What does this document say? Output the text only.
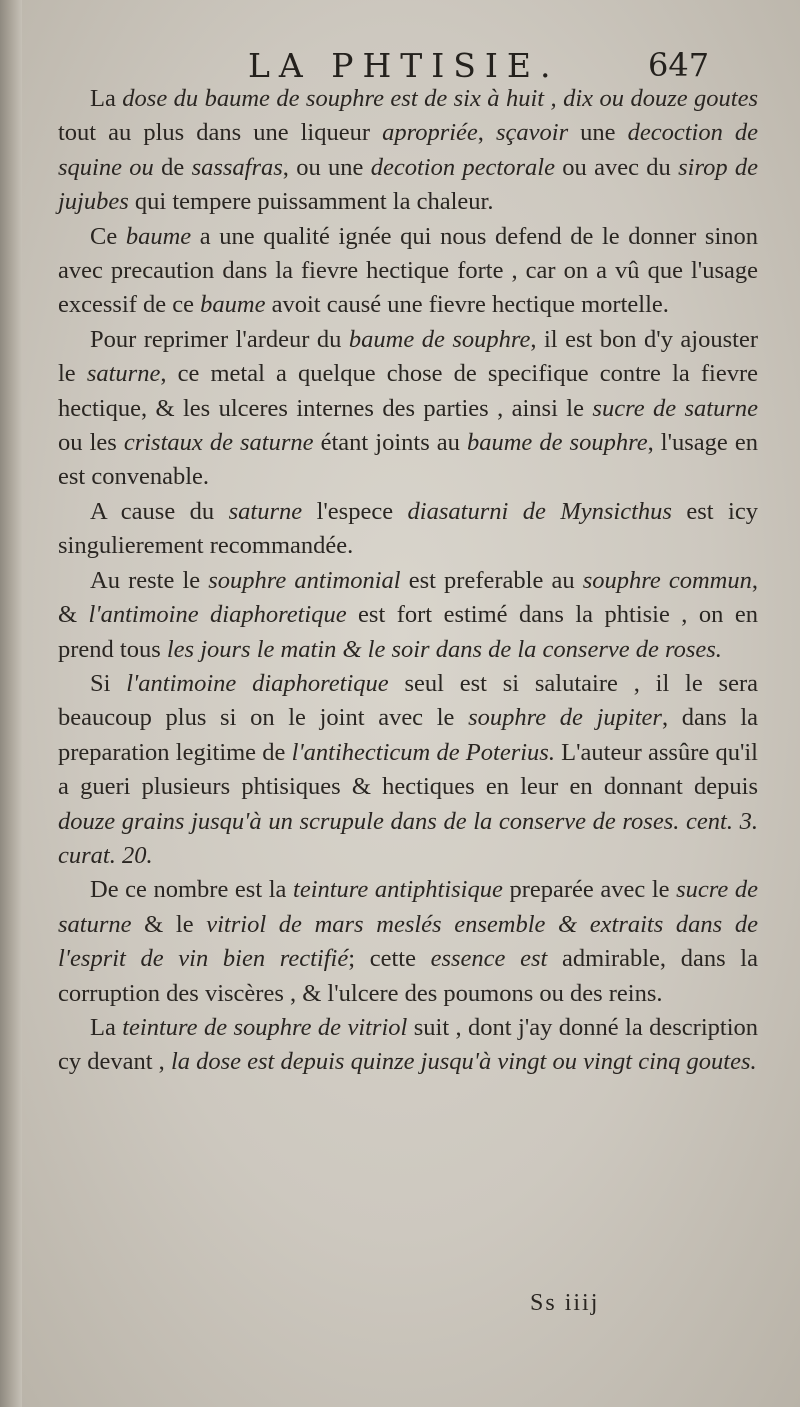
LA PHTISIE.	647

La dose du baume de souphre est de six à huit , dix ou douze goutes tout au plus dans une liqueur apropriée, sçavoir une decoction de squine ou de sassafras, ou une decotion pectorale ou avec du sirop de jujubes qui tempere puissamment la chaleur.

Ce baume a une qualité ignée qui nous defend de le donner sinon avec precaution dans la fievre hectique forte , car on a vû que l'usage excessif de ce baume avoit causé une fievre hectique mortelle.

Pour reprimer l'ardeur du baume de souphre, il est bon d'y ajouster le saturne, ce metal a quelque chose de specifique contre la fievre hectique, & les ulceres internes des parties , ainsi le sucre de saturne ou les cristaux de saturne étant joints au baume de souphre, l'usage en est convenable.

A cause du saturne l'espece diasaturni de Mynsicthus est icy singulierement recommandée.

Au reste le souphre antimonial est preferable au souphre commun, & l'antimoine diaphoretique est fort estimé dans la phtisie , on en prend tous les jours le matin & le soir dans de la conserve de roses.

Si l'antimoine diaphoretique seul est si salutaire , il le sera beaucoup plus si on le joint avec le souphre de jupiter, dans la preparation legitime de l'antihecticum de Poterius. L'auteur assûre qu'il a gueri plusieurs phtisiques & hectiques en leur en donnant depuis douze grains jusqu'à un scrupule dans de la conserve de roses. cent. 3. curat. 20.

De ce nombre est la teinture antiphtisique preparée avec le sucre de saturne & le vitriol de mars meslés ensemble & extraits dans de l'esprit de vin bien rectifié; cette essence est admirable, dans la corruption des viscères , & l'ulcere des poumons ou des reins.

La teinture de souphre de vitriol suit , dont j'ay donné la description cy devant , la dose est depuis quinze jusqu'à vingt ou vingt cinq goutes.

Ss iiij
